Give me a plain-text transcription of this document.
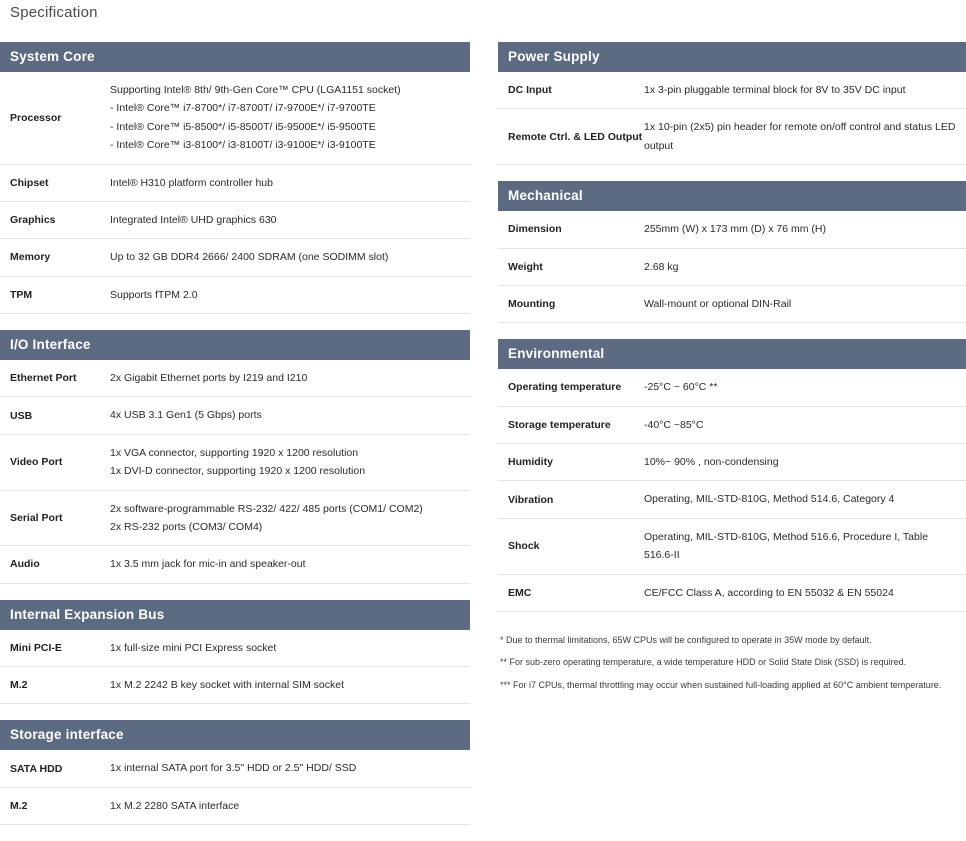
Specification
System Core
Processor	Supporting Intel® 8th/ 9th-Gen Core™ CPU (LGA1151 socket)
- Intel® Core™ i7-8700*/ i7-8700T/ i7-9700E*/ i7-9700TE
- Intel® Core™ i5-8500*/ i5-8500T/ i5-9500E*/ i5-9500TE
- Intel® Core™ i3-8100*/ i3-8100T/ i3-9100E*/ i3-9100TE

Chipset	Intel® H310 platform controller hub

Graphics	Integrated Intel® UHD graphics 630

Memory	Up to 32 GB DDR4 2666/ 2400 SDRAM (one SODIMM slot)

TPM	Supports fTPM 2.0
I/O Interface
Ethernet Port	2x Gigabit Ethernet ports by I219 and I210

USB	4x USB 3.1 Gen1 (5 Gbps) ports

Video Port	1x VGA connector, supporting 1920 x 1200 resolution
1x DVI-D connector, supporting 1920 x 1200 resolution

Serial Port	2x software-programmable RS-232/ 422/ 485 ports (COM1/ COM2)
2x RS-232 ports (COM3/ COM4)

Audio	1x 3.5 mm jack for mic-in and speaker-out
Internal Expansion Bus
Mini PCI-E	1x full-size mini PCI Express socket

M.2	1x M.2 2242 B key socket with internal SIM socket
Storage interface
SATA HDD	1x internal SATA port for 3.5" HDD or 2.5" HDD/ SSD

M.2	1x M.2 2280 SATA interface
Power Supply
DC Input	1x 3-pin pluggable terminal block for 8V to 35V DC input

Remote Ctrl. & LED Output	1x 10-pin (2x5) pin header for remote on/off control and status LED output
Mechanical
Dimension	255mm (W) x 173 mm (D) x 76 mm (H)

Weight	2.68 kg

Mounting	Wall-mount or optional DIN-Rail
Environmental
Operating temperature	-25°C ~ 60°C **

Storage temperature	-40°C ~85°C

Humidity	10%~ 90% , non-condensing

Vibration	Operating, MIL-STD-810G, Method 514.6, Category 4

Shock	Operating, MIL-STD-810G, Method 516.6, Procedure I, Table 516.6-II

EMC	CE/FCC Class A, according to EN 55032 & EN 55024
* Due to thermal limitations, 65W CPUs will be configured to operate in 35W mode by default.
** For sub-zero operating temperature, a wide temperature HDD or Solid State Disk (SSD) is required.
*** For i7 CPUs, thermal throttling may occur when sustained full-loading applied at 60°C ambient temperature.
